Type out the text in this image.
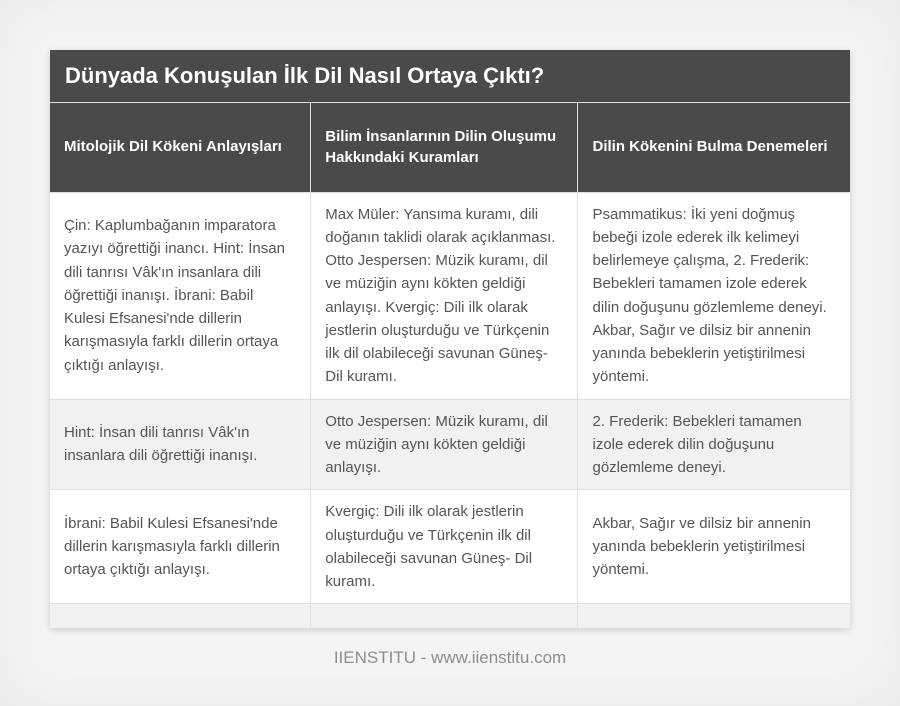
Dünyada Konuşulan İlk Dil Nasıl Ortaya Çıktı?
Mitolojik Dil Kökeni Anlayışları	Bilim İnsanlarının Dilin Oluşumu Hakkındaki Kuramları	Dilin Kökenini Bulma Denemeleri
Çin: Kaplumbağanın imparatora yazıyı öğrettiği inancı. Hint: İnsan dili tanrısı Vâk'ın insanlara dili öğrettiği inanışı. İbrani: Babil Kulesi Efsanesi'nde dillerin karışmasıyla farklı dillerin ortaya çıktığı anlayışı.	Max Müler: Yansıma kuramı, dili doğanın taklidi olarak açıklanması. Otto Jespersen: Müzik kuramı, dil ve müziğin aynı kökten geldiği anlayışı. Kvergiç: Dili ilk olarak jestlerin oluşturduğu ve Türkçenin ilk dil olabileceği savunan Güneş- Dil kuramı.	Psammatikus: İki yeni doğmuş bebeği izole ederek ilk kelimeyi belirlemeye çalışma, 2. Frederik: Bebekleri tamamen izole ederek dilin doğuşunu gözlemleme deneyi. Akbar, Sağır ve dilsiz bir annenin yanında bebeklerin yetiştirilmesi yöntemi.
Hint: İnsan dili tanrısı Vâk'ın insanlara dili öğrettiği inanışı.	Otto Jespersen: Müzik kuramı, dil ve müziğin aynı kökten geldiği anlayışı.	2. Frederik: Bebekleri tamamen izole ederek dilin doğuşunu gözlemleme deneyi.
İbrani: Babil Kulesi Efsanesi'nde dillerin karışmasıyla farklı dillerin ortaya çıktığı anlayışı.	Kvergiç: Dili ilk olarak jestlerin oluşturduğu ve Türkçenin ilk dil olabileceği savunan Güneş- Dil kuramı.	Akbar, Sağır ve dilsiz bir annenin yanında bebeklerin yetiştirilmesi yöntemi.

IIENSTITU - www.iienstitu.com
